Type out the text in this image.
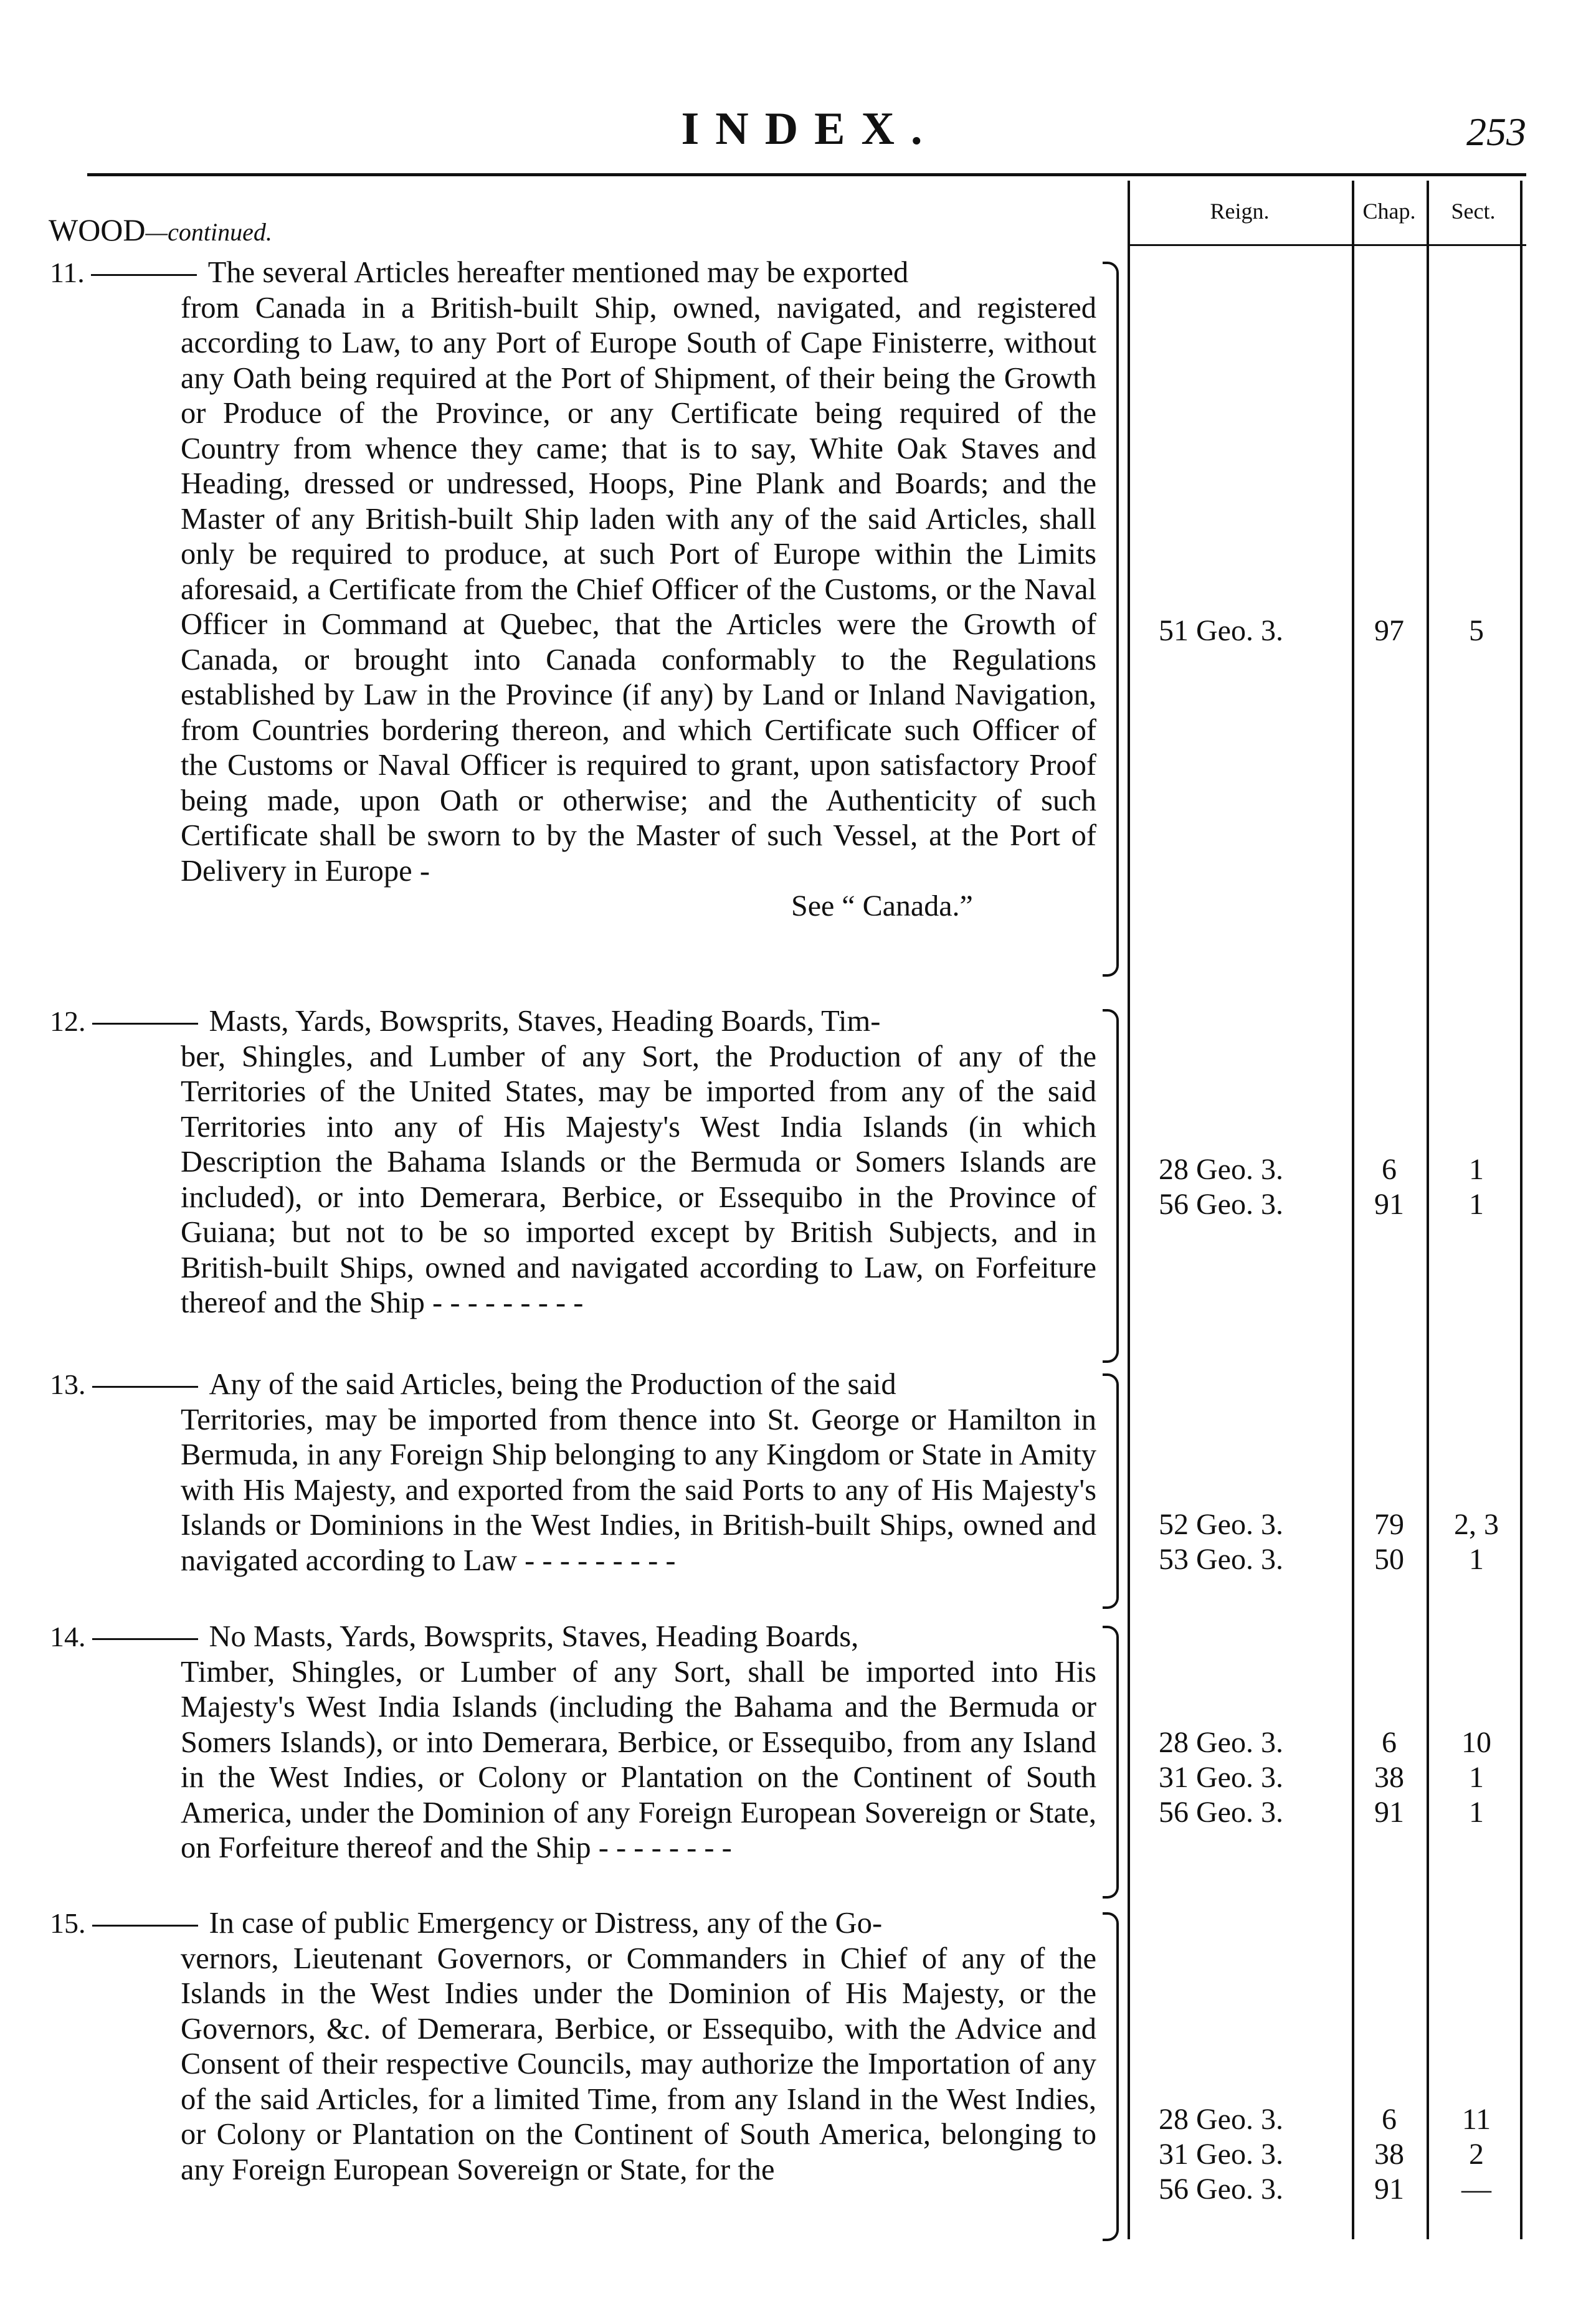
INDEX.	253
Reign.	Chap.	Sect.
WOOD—continued.
11.	The several Articles hereafter mentioned may be exported
from Canada in a British-built Ship, owned, navigated, and registered according to Law, to any Port of Europe South of Cape Finisterre, without any Oath being required at the Port of Shipment, of their being the Growth or Produce of the Province, or any Certificate being required of the Country from whence they came; that is to say, White Oak Staves and Heading, dressed or undressed, Hoops, Pine Plank and Boards; and the Master of any British-built Ship laden with any of the said Articles, shall only be required to produce, at such Port of Europe within the Limits aforesaid, a Certificate from the Chief Officer of the Customs, or the Naval Officer in Command at Quebec, that the Articles were the Growth of Canada, or brought into Canada conformably to the Regulations established by Law in the Province (if any) by Land or Inland Navigation, from Countries bordering thereon, and which Certificate such Officer of the Customs or Naval Officer is required to grant, upon satisfactory Proof being made, upon Oath or otherwise; and the Authenticity of such Certificate shall be sworn to by the Master of such Vessel, at the Port of Delivery in Europe -
See “ Canada.”
51 Geo. 3.	97	5
12.	Masts, Yards, Bowsprits, Staves, Heading Boards, Tim-
ber, Shingles, and Lumber of any Sort, the Production of any of the Territories of the United States, may be imported from any of the said Territories into any of His Majesty's West India Islands (in which Description the Bahama Islands or the Bermuda or Somers Islands are included), or into Demerara, Berbice, or Essequibo in the Province of Guiana; but not to be so imported except by British Subjects, and in British-built Ships, owned and navigated according to Law, on Forfeiture thereof and the Ship - - - - - - - - -
28 Geo. 3.	6	1
56 Geo. 3.	91	1
13.	Any of the said Articles, being the Production of the said
Territories, may be imported from thence into St. George or Hamilton in Bermuda, in any Foreign Ship belonging to any Kingdom or State in Amity with His Majesty, and exported from the said Ports to any of His Majesty's Islands or Dominions in the West Indies, in British-built Ships, owned and navigated according to Law - - - - - - - - -
52 Geo. 3.	79	2, 3
53 Geo. 3.	50	1
14.	No Masts, Yards, Bowsprits, Staves, Heading Boards,
Timber, Shingles, or Lumber of any Sort, shall be imported into His Majesty's West India Islands (including the Bahama and the Bermuda or Somers Islands), or into Demerara, Berbice, or Essequibo, from any Island in the West Indies, or Colony or Plantation on the Continent of South America, under the Dominion of any Foreign European Sovereign or State, on Forfeiture thereof and the Ship - - - - - - - -
28 Geo. 3.	6	10
31 Geo. 3.	38	1
56 Geo. 3.	91	1
15.	In case of public Emergency or Distress, any of the Go-
vernors, Lieutenant Governors, or Commanders in Chief of any of the Islands in the West Indies under the Dominion of His Majesty, or the Governors, &c. of Demerara, Berbice, or Essequibo, with the Advice and Consent of their respective Councils, may authorize the Importation of any of the said Articles, for a limited Time, from any Island in the West Indies, or Colony or Plantation on the Continent of South America, belonging to any Foreign European Sovereign or State, for the
28 Geo. 3.	6	11
31 Geo. 3.	38	2
56 Geo. 3.	91	—
